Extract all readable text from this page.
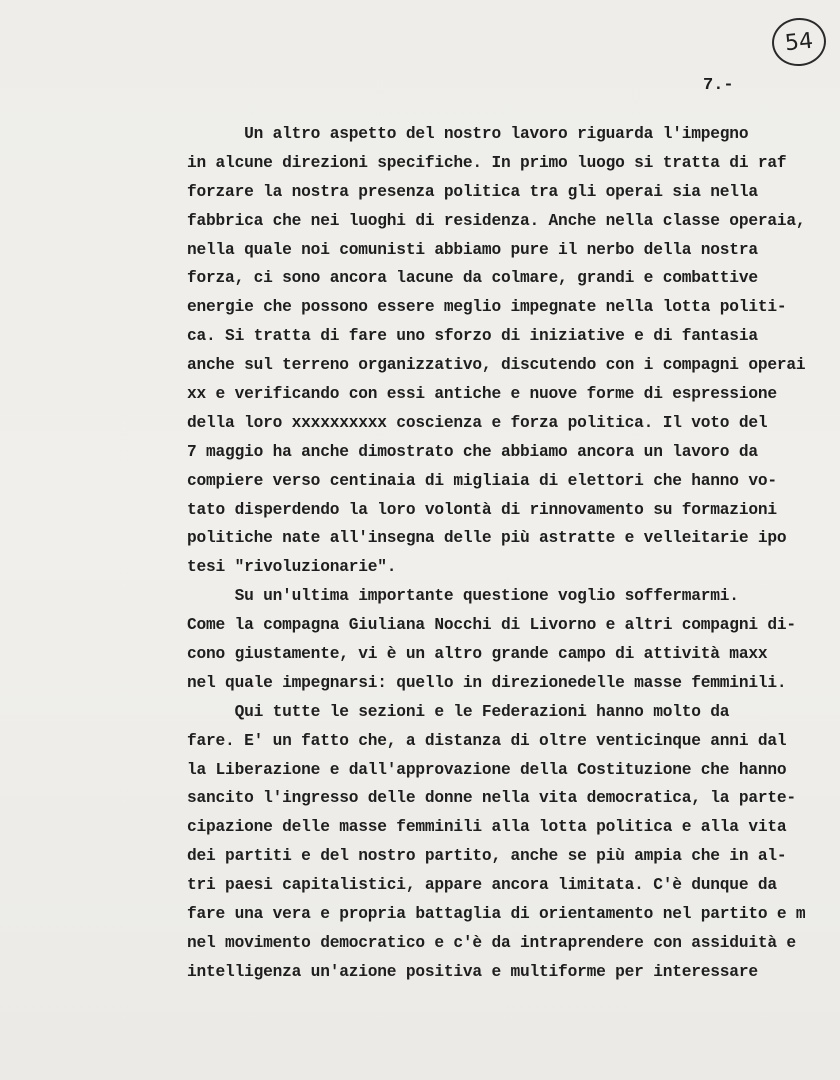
54
7.-
Un altro aspetto del nostro lavoro riguarda l'impegno
in alcune direzioni specifiche. In primo luogo si tratta di raf
forzare la nostra presenza politica tra gli operai sia nella
fabbrica che nei luoghi di residenza. Anche nella classe operaia,
nella quale noi comunisti abbiamo pure il nerbo della nostra
forza, ci sono ancora lacune da colmare, grandi e combattive
energie che possono essere meglio impegnate nella lotta politi-
ca. Si tratta di fare uno sforzo di iniziative e di fantasia
anche sul terreno organizzativo, discutendo con i compagni operai
xx e verificando con essi antiche e nuove forme di espressione
della loro xxxxxxxxxx coscienza e forza politica. Il voto del
7 maggio ha anche dimostrato che abbiamo ancora un lavoro da
compiere verso centinaia di migliaia di elettori che hanno vo-
tato disperdendo la loro volontà di rinnovamento su formazioni
politiche nate all'insegna delle più astratte e velleitarie ipo
tesi "rivoluzionarie".
Su un'ultima importante questione voglio soffermarmi.
Come la compagna Giuliana Nocchi di Livorno e altri compagni di-
cono giustamente, vi è un altro grande campo di attività maxx
nel quale impegnarsi: quello in direzionedelle masse femminili.
Qui tutte le sezioni e le Federazioni hanno molto da
fare. E' un fatto che, a distanza di oltre venticinque anni dal
la Liberazione e dall'approvazione della Costituzione che hanno
sancito l'ingresso delle donne nella vita democratica, la parte-
cipazione delle masse femminili alla lotta politica e alla vita
dei partiti e del nostro partito, anche se più ampia che in al-
tri paesi capitalistici, appare ancora limitata. C'è dunque da
fare una vera e propria battaglia di orientamento nel partito e m
nel movimento democratico e c'è da intraprendere con assiduità e
intelligenza un'azione positiva e multiforme per interessare
